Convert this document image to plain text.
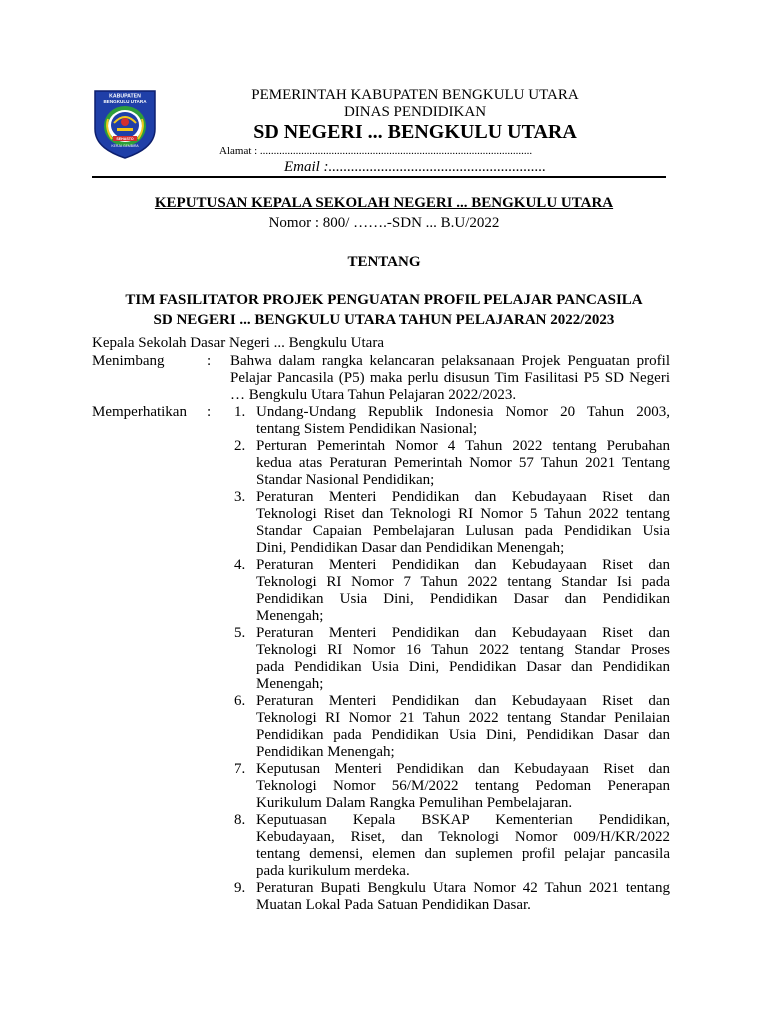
KABUPATEN
BENGKULU UTARA
SEHASTO
KERJA GEMBIRA
PEMERINTAH KABUPATEN BENGKULU UTARA
DINAS PENDIDIKAN
SD NEGERI ... BENGKULU UTARA
Alamat : ...................................................................................................
Email :..........................................................
KEPUTUSAN KEPALA SEKOLAH NEGERI ... BENGKULU UTARA
Nomor : 800/ …….-SDN ... B.U/2022
TENTANG
TIM FASILITATOR PROJEK PENGUATAN PROFIL PELAJAR PANCASILA
SD NEGERI ... BENGKULU UTARA TAHUN PELAJARAN 2022/2023
Kepala Sekolah Dasar Negeri ... Bengkulu Utara
Menimbang	: Bahwa dalam rangka kelancaran pelaksanaan Projek Penguatan profil
Pelajar Pancasila (P5) maka perlu disusun Tim Fasilitasi P5 SD Negeri
… Bengkulu Utara Tahun Pelajaran 2022/2023.
Memperhatikan : 1. Undang-Undang Republik Indonesia Nomor 20 Tahun 2003,
tentang Sistem Pendidikan Nasional;
2. Perturan Pemerintah Nomor 4 Tahun 2022 tentang Perubahan
kedua atas Peraturan Pemerintah Nomor 57 Tahun 2021 Tentang
Standar Nasional Pendidikan;
3. Peraturan Menteri Pendidikan dan Kebudayaan Riset dan
Teknologi Riset dan Teknologi RI Nomor 5 Tahun 2022 tentang
Standar Capaian Pembelajaran Lulusan pada Pendidikan Usia
Dini, Pendidikan Dasar dan Pendidikan Menengah;
4. Peraturan Menteri Pendidikan dan Kebudayaan Riset dan
Teknologi RI Nomor 7 Tahun 2022 tentang Standar Isi pada
Pendidikan Usia Dini, Pendidikan Dasar dan Pendidikan
Menengah;
5. Peraturan Menteri Pendidikan dan Kebudayaan Riset dan
Teknologi RI Nomor 16 Tahun 2022 tentang Standar Proses
pada Pendidikan Usia Dini, Pendidikan Dasar dan Pendidikan
Menengah;
6. Peraturan Menteri Pendidikan dan Kebudayaan Riset dan
Teknologi RI Nomor 21 Tahun 2022 tentang Standar Penilaian
Pendidikan pada Pendidikan Usia Dini, Pendidikan Dasar dan
Pendidikan Menengah;
7. Keputusan Menteri Pendidikan dan Kebudayaan Riset dan
Teknologi Nomor 56/M/2022 tentang Pedoman Penerapan
Kurikulum Dalam Rangka Pemulihan Pembelajaran.
8. Keputuasan Kepala BSKAP Kementerian Pendidikan,
Kebudayaan, Riset, dan Teknologi Nomor 009/H/KR/2022
tentang demensi, elemen dan suplemen profil pelajar pancasila
pada kurikulum merdeka.
9. Peraturan Bupati Bengkulu Utara Nomor 42 Tahun 2021 tentang
Muatan Lokal Pada Satuan Pendidikan Dasar.
